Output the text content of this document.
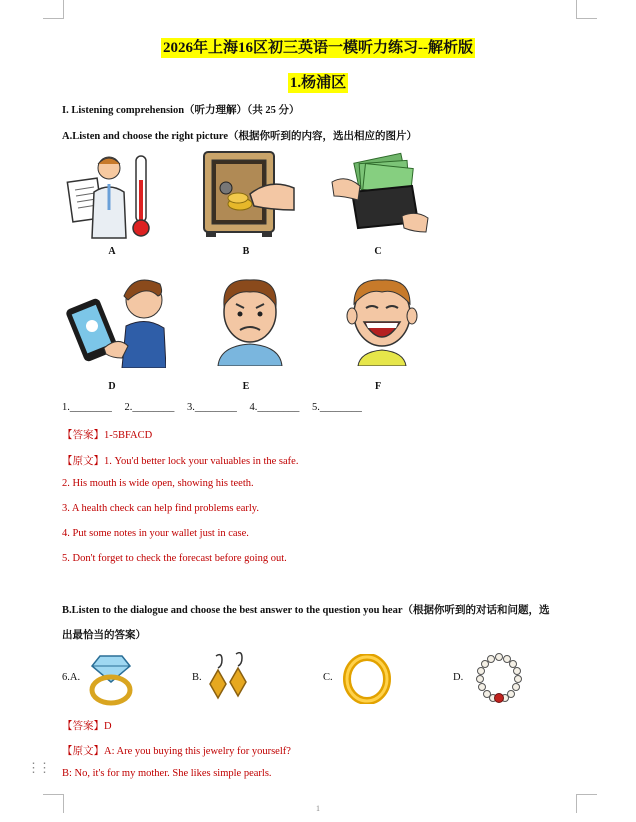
2026年上海16区初三英语一模听力练习--解析版
1.杨浦区
I. Listening comprehension（听力理解）（共 25 分）
A.Listen and choose the right picture（根据你听到的内容，选出相应的图片）
A	B	C
D	E	F
1.________ 2.________ 3.________ 4.________ 5.________
【答案】1-5BFACD
【原文】1. You'd better lock your valuables in the safe.
2. His mouth is wide open, showing his teeth.
3. A health check can help find problems early.
4. Put some notes in your wallet just in case.
5. Don't forget to check the forecast before going out.
B.Listen to the dialogue and choose the best answer to the question you hear（根据你听到的对话和问题，选
出最恰当的答案）
6.A.	B.	C.	D.
【答案】D
【原文】A: Are you buying this jewelry for yourself?
B: No, it's for my mother. She likes simple pearls.
⋮⋮
1
